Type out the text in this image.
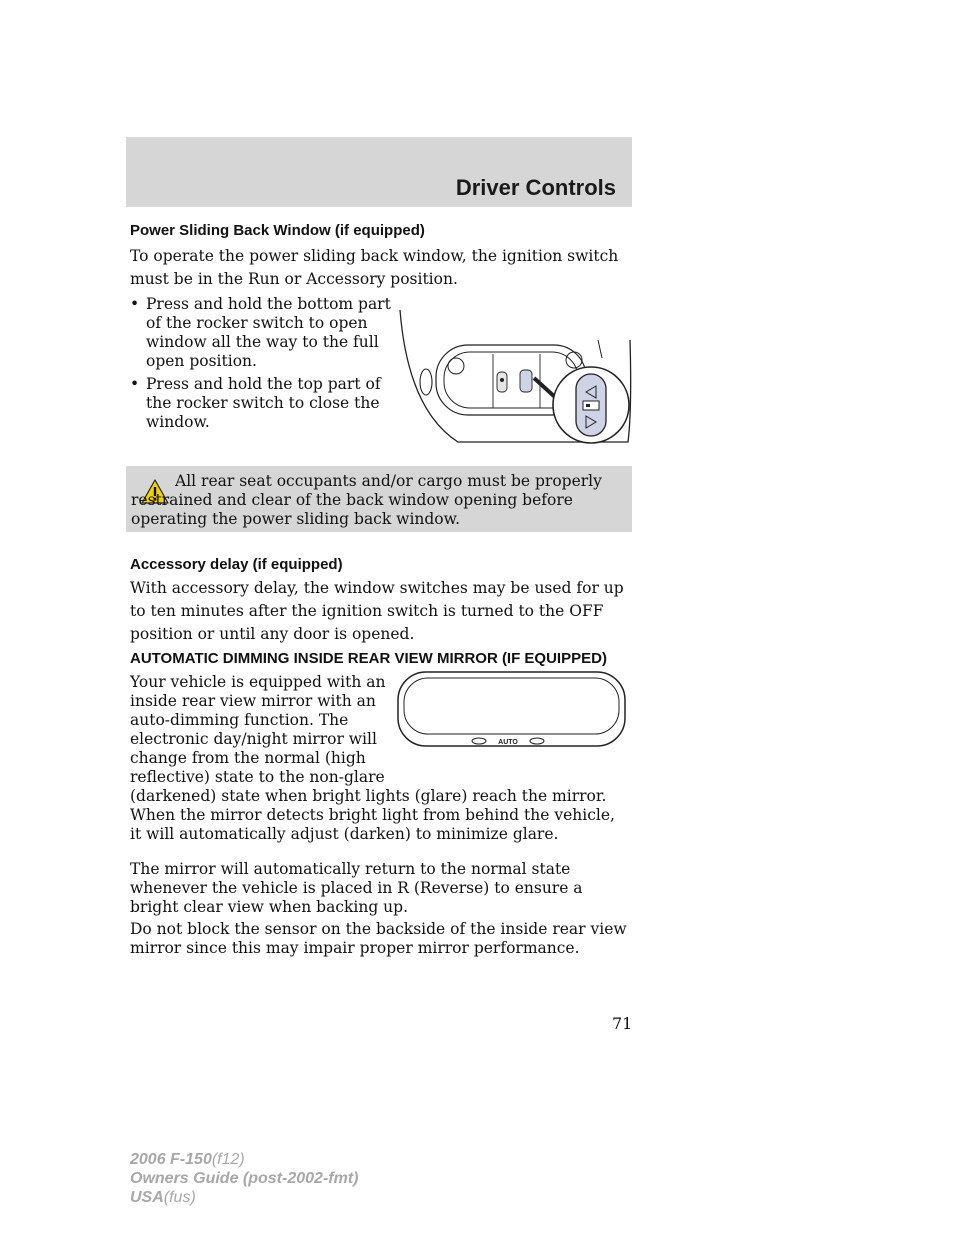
Driver Controls
Power Sliding Back Window (if equipped)
To operate the power sliding back window, the ignition switch must be in the Run or Accessory position.
• Press and hold the bottom part of the rocker switch to open window all the way to the full open position.
• Press and hold the top part of the rocker switch to close the window.
All rear seat occupants and/or cargo must be properly restrained and clear of the back window opening before operating the power sliding back window.
Accessory delay (if equipped)
With accessory delay, the window switches may be used for up to ten minutes after the ignition switch is turned to the OFF position or until any door is opened.
AUTOMATIC DIMMING INSIDE REAR VIEW MIRROR (IF EQUIPPED)
Your vehicle is equipped with an
inside rear view mirror with an
auto-dimming function. The
electronic day/night mirror will
change from the normal (high
reflective) state to the non-glare
AUTO
(darkened) state when bright lights (glare) reach the mirror. When the mirror detects bright light from behind the vehicle, it will automatically adjust (darken) to minimize glare.
The mirror will automatically return to the normal state whenever the vehicle is placed in R (Reverse) to ensure a bright clear view when backing up.
Do not block the sensor on the backside of the inside rear view mirror since this may impair proper mirror performance.
71
2006 F-150(f12)
Owners Guide (post-2002-fmt)
USA(fus)
